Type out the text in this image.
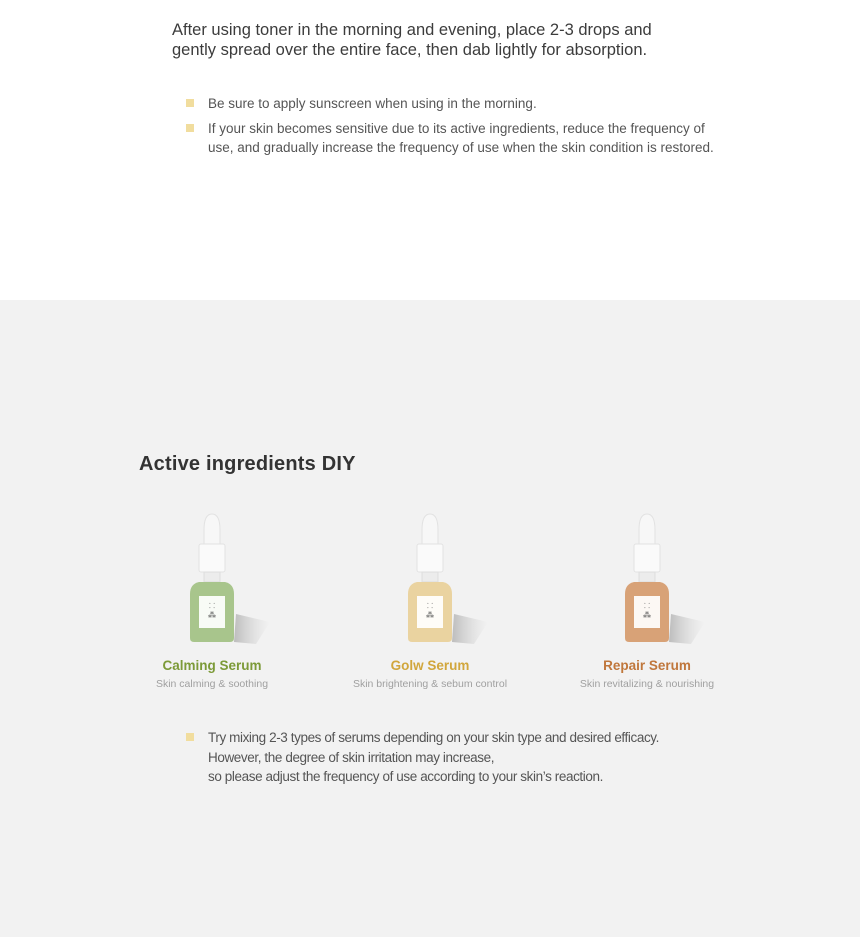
After using toner in the morning and evening, place 2-3 drops and gently spread over the entire face, then dab lightly for absorption.

Be sure to apply sunscreen when using in the morning.
If your skin becomes sensitive due to its active ingredients, reduce the frequency of use, and gradually increase the frequency of use when the skin condition is restored.
Active ingredients DIY
⸬
⁂
Calming Serum
Skin calming & soothing
⸬
⁂
Golw Serum
Skin brightening & sebum control
⸬
⁂
Repair Serum
Skin revitalizing & nourishing
Try mixing 2-3 types of serums depending on your skin type and desired efficacy.
However, the degree of skin irritation may increase,
so please adjust the frequency of use according to your skin’s reaction.
